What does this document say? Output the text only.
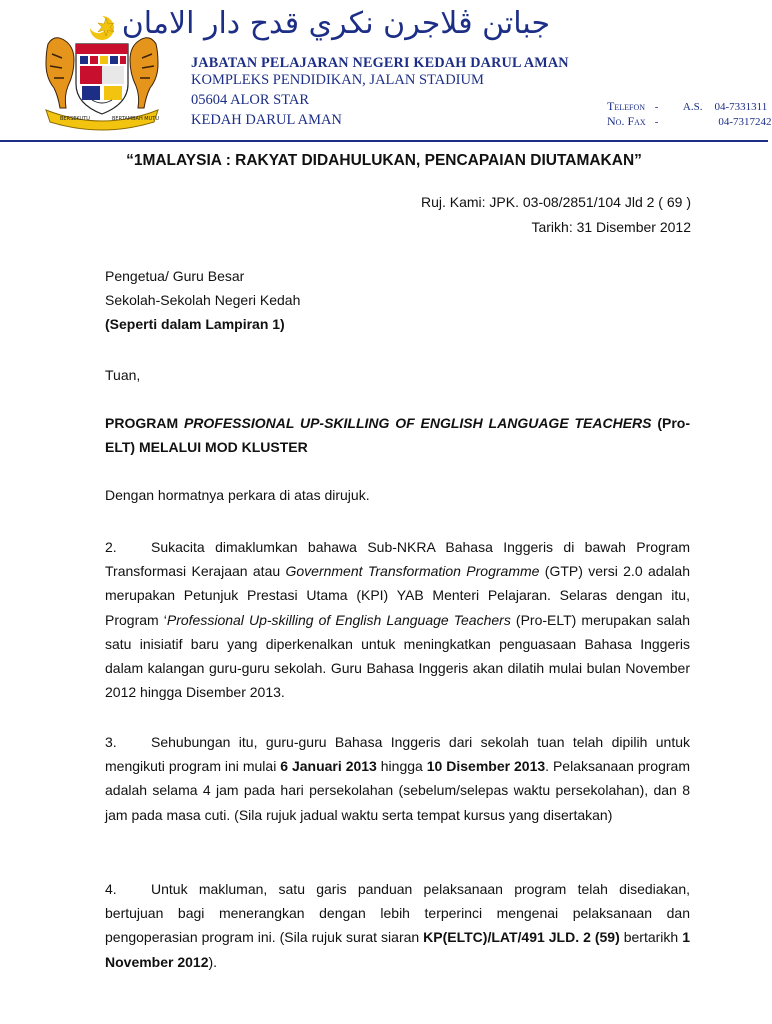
BERSEKUTU	BERTAMBAH MUTU
جباتن ڤلاجرن نكري قدح دار الامان
JABATAN PELAJARAN NEGERI KEDAH DARUL AMAN
KOMPLEKS PENDIDIKAN, JALAN STADIUM
05604 ALOR STAR
KEDAH DARUL AMAN
Telefon - A.S. 04-7331311
No. Fax -	04-7317242
“1MALAYSIA : RAKYAT DIDAHULUKAN, PENCAPAIAN DIUTAMAKAN”
Ruj. Kami: JPK. 03-08/2851/104 Jld 2 ( 69 )
Tarikh: 31 Disember 2012
Pengetua/ Guru Besar
Sekolah-Sekolah Negeri Kedah
(Seperti dalam Lampiran 1)
Tuan,
PROGRAM PROFESSIONAL UP-SKILLING OF ENGLISH LANGUAGE TEACHERS (Pro-ELT) MELALUI MOD KLUSTER
Dengan hormatnya perkara di atas dirujuk.
2. Sukacita dimaklumkan bahawa Sub-NKRA Bahasa Inggeris di bawah Program Transformasi Kerajaan atau Government Transformation Programme (GTP) versi 2.0 adalah merupakan Petunjuk Prestasi Utama (KPI) YAB Menteri Pelajaran. Selaras dengan itu, Program ‘Professional Up-skilling of English Language Teachers (Pro-ELT) merupakan salah satu inisiatif baru yang diperkenalkan untuk meningkatkan penguasaan Bahasa Inggeris dalam kalangan guru-guru sekolah. Guru Bahasa Inggeris akan dilatih mulai bulan November 2012 hingga Disember 2013.
3. Sehubungan itu, guru-guru Bahasa Inggeris dari sekolah tuan telah dipilih untuk mengikuti program ini mulai 6 Januari 2013 hingga 10 Disember 2013. Pelaksanaan program adalah selama 4 jam pada hari persekolahan (sebelum/selepas waktu persekolahan), dan 8 jam pada masa cuti. (Sila rujuk jadual waktu serta tempat kursus yang disertakan)
4. Untuk makluman, satu garis panduan pelaksanaan program telah disediakan, bertujuan bagi menerangkan dengan lebih terperinci mengenai pelaksanaan dan pengoperasian program ini. (Sila rujuk surat siaran KP(ELTC)/LAT/491 JLD. 2 (59) bertarikh 1 November 2012).
